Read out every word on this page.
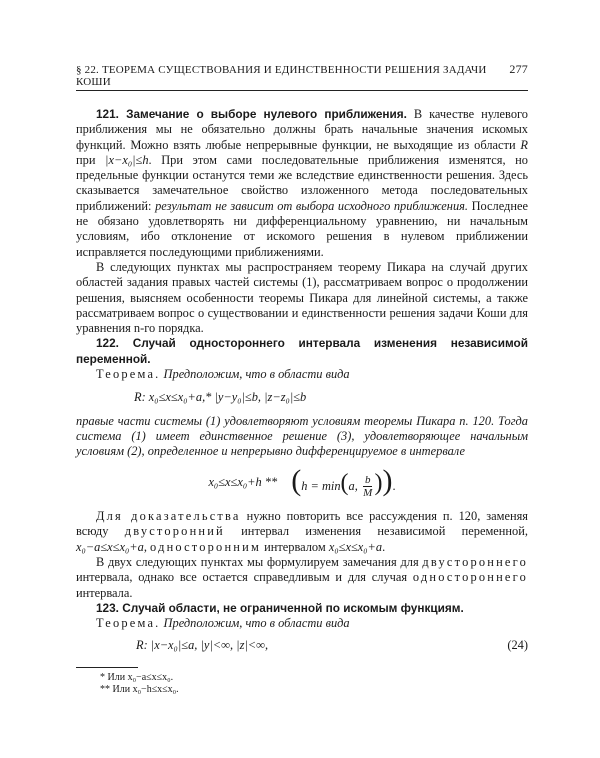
§ 22. ТЕОРЕМА СУЩЕСТВОВАНИЯ И ЕДИНСТВЕННОСТИ РЕШЕНИЯ ЗАДАЧИ КОШИ
277

121. Замечание о выборе нулевого приближения. В качестве нулевого приближения мы не обязательно должны брать начальные значения искомых функций. Можно взять любые непрерывные функции, не выходящие из области R при |x−x₀|≤h. При этом сами последовательные приближения изменятся, но предельные функции останутся теми же вследствие единственности решения. Здесь сказывается замечательное свойство изложенного метода последовательных приближений: результат не зависит от выбора исходного приближения. Последнее не обязано удовлетворять ни дифференциальному уравнению, ни начальным условиям, ибо отклонение от искомого решения в нулевом приближении исправляется последующими приближениями.

В следующих пунктах мы распространяем теорему Пикара на случай других областей задания правых частей системы (1), рассматриваем вопрос о продолжении решения, выясняем особенности теоремы Пикара для линейной системы, а также рассматриваем вопрос о существовании и единственности решения задачи Коши для уравнения n-го порядка.

122. Случай одностороннего интервала изменения независимой переменной.

Теорема. Предположим, что в области вида

R: x₀≤x≤x₀+a,* |y−y₀|≤b, |z−z₀|≤b

правые части системы (1) удовлетворяют условиям теоремы Пикара п. 120. Тогда система (1) имеет единственное решение (3), удовлетворяющее начальным условиям (2), определенное и непрерывно дифференцируемое в интервале

x₀≤x≤x₀+h ** (h = min(a, $\frac{b}{M}$ )).

Для доказательства нужно повторить все рассуждения п. 120, заменяя всюду двусторонний интервал изменения независимой переменной, x₀−a≤x≤x₀+a, односторонним интервалом x₀≤x≤x₀+a.

В двух следующих пунктах мы формулируем замечания для двустороннего интервала, однако все остается справедливым и для случая одностороннего интервала.

123. Случай области, не ограниченной по искомым функциям.

Теорема. Предположим, что в области вида

R: |x−x₀|≤a, |y|<∞, |z|<∞,	(24)
* Или x₀−a≤x≤x₀.
** Или x₀−h≤x≤x₀.
